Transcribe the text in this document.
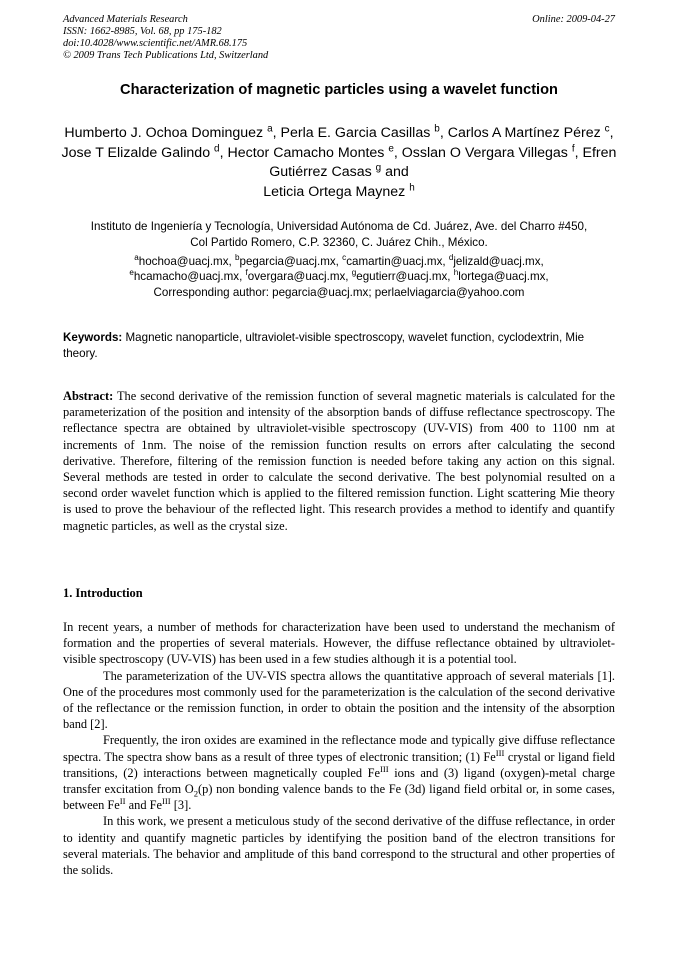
Advanced Materials Research
ISSN: 1662-8985, Vol. 68, pp 175-182
doi:10.4028/www.scientific.net/AMR.68.175
© 2009 Trans Tech Publications Ltd, Switzerland
Online: 2009-04-27
Characterization of magnetic particles using a wavelet function
Humberto J. Ochoa Dominguez $^a$, Perla E. Garcia Casillas $^b$, Carlos A Martínez Pérez $^c$, Jose T Elizalde Galindo $^d$, Hector Camacho Montes $^e$, Osslan O Vergara Villegas $^f$, Efren Gutiérrez Casas $^g$ and
Leticia Ortega Maynez $^h$
Instituto de Ingeniería y Tecnología, Universidad Autónoma de Cd. Juárez, Ave. del Charro #450,
Col Partido Romero, C.P. 32360, C. Juárez Chih., México.
$^a$hochoa@uacj.mx, $^b$pegarcia@uacj.mx, $^c$camartin@uacj.mx, $^d$jelizald@uacj.mx,
$^e$hcamacho@uacj.mx, $^f$overgara@uacj.mx, $^g$egutierr@uacj.mx, $^h$lortega@uacj.mx,
Corresponding author: pegarcia@uacj.mx; perlaelviagarcia@yahoo.com
Keywords: Magnetic nanoparticle, ultraviolet-visible spectroscopy, wavelet function, cyclodextrin, Mie theory.
Abstract: The second derivative of the remission function of several magnetic materials is calculated for the parameterization of the position and intensity of the absorption bands of diffuse reflectance spectroscopy. The reflectance spectra are obtained by ultraviolet-visible spectroscopy (UV-VIS) from 400 to 1100 nm at increments of 1nm. The noise of the remission function results on errors after calculating the second derivative. Therefore, filtering of the remission function is needed before taking any action on this signal. Several methods are tested in order to calculate the second derivative. The best polynomial resulted on a second order wavelet function which is applied to the filtered remission function. Light scattering Mie theory is used to prove the behaviour of the reflected light. This research provides a method to identify and quantify magnetic particles, as well as the crystal size.
1. Introduction

In recent years, a number of methods for characterization have been used to understand the mechanism of formation and the properties of several materials. However, the diffuse reflectance obtained by ultraviolet-visible spectroscopy (UV-VIS) has been used in a few studies although it is a potential tool.

The parameterization of the UV-VIS spectra allows the quantitative approach of several materials [1]. One of the procedures most commonly used for the parameterization is the calculation of the second derivative of the reflectance or the remission function, in order to obtain the position and the intensity of the absorption band [2].

Frequently, the iron oxides are examined in the reflectance mode and typically give diffuse reflectance spectra. The spectra show bans as a result of three types of electronic transition; (1) $Fe^{III}$ crystal or ligand field transitions, (2) interactions between magnetically coupled $Fe^{III}$ ions and (3) ligand (oxygen)-metal charge transfer excitation from $O_2(p)$ non bonding valence bands to the Fe (3d) ligand field orbital or, in some cases, between $Fe^{II}$ and $Fe^{III}$ [3].

In this work, we present a meticulous study of the second derivative of the diffuse reflectance, in order to identity and quantify magnetic particles by identifying the position band of the electron transitions for several materials. The behavior and amplitude of this band correspond to the structural and other properties of the solids.
